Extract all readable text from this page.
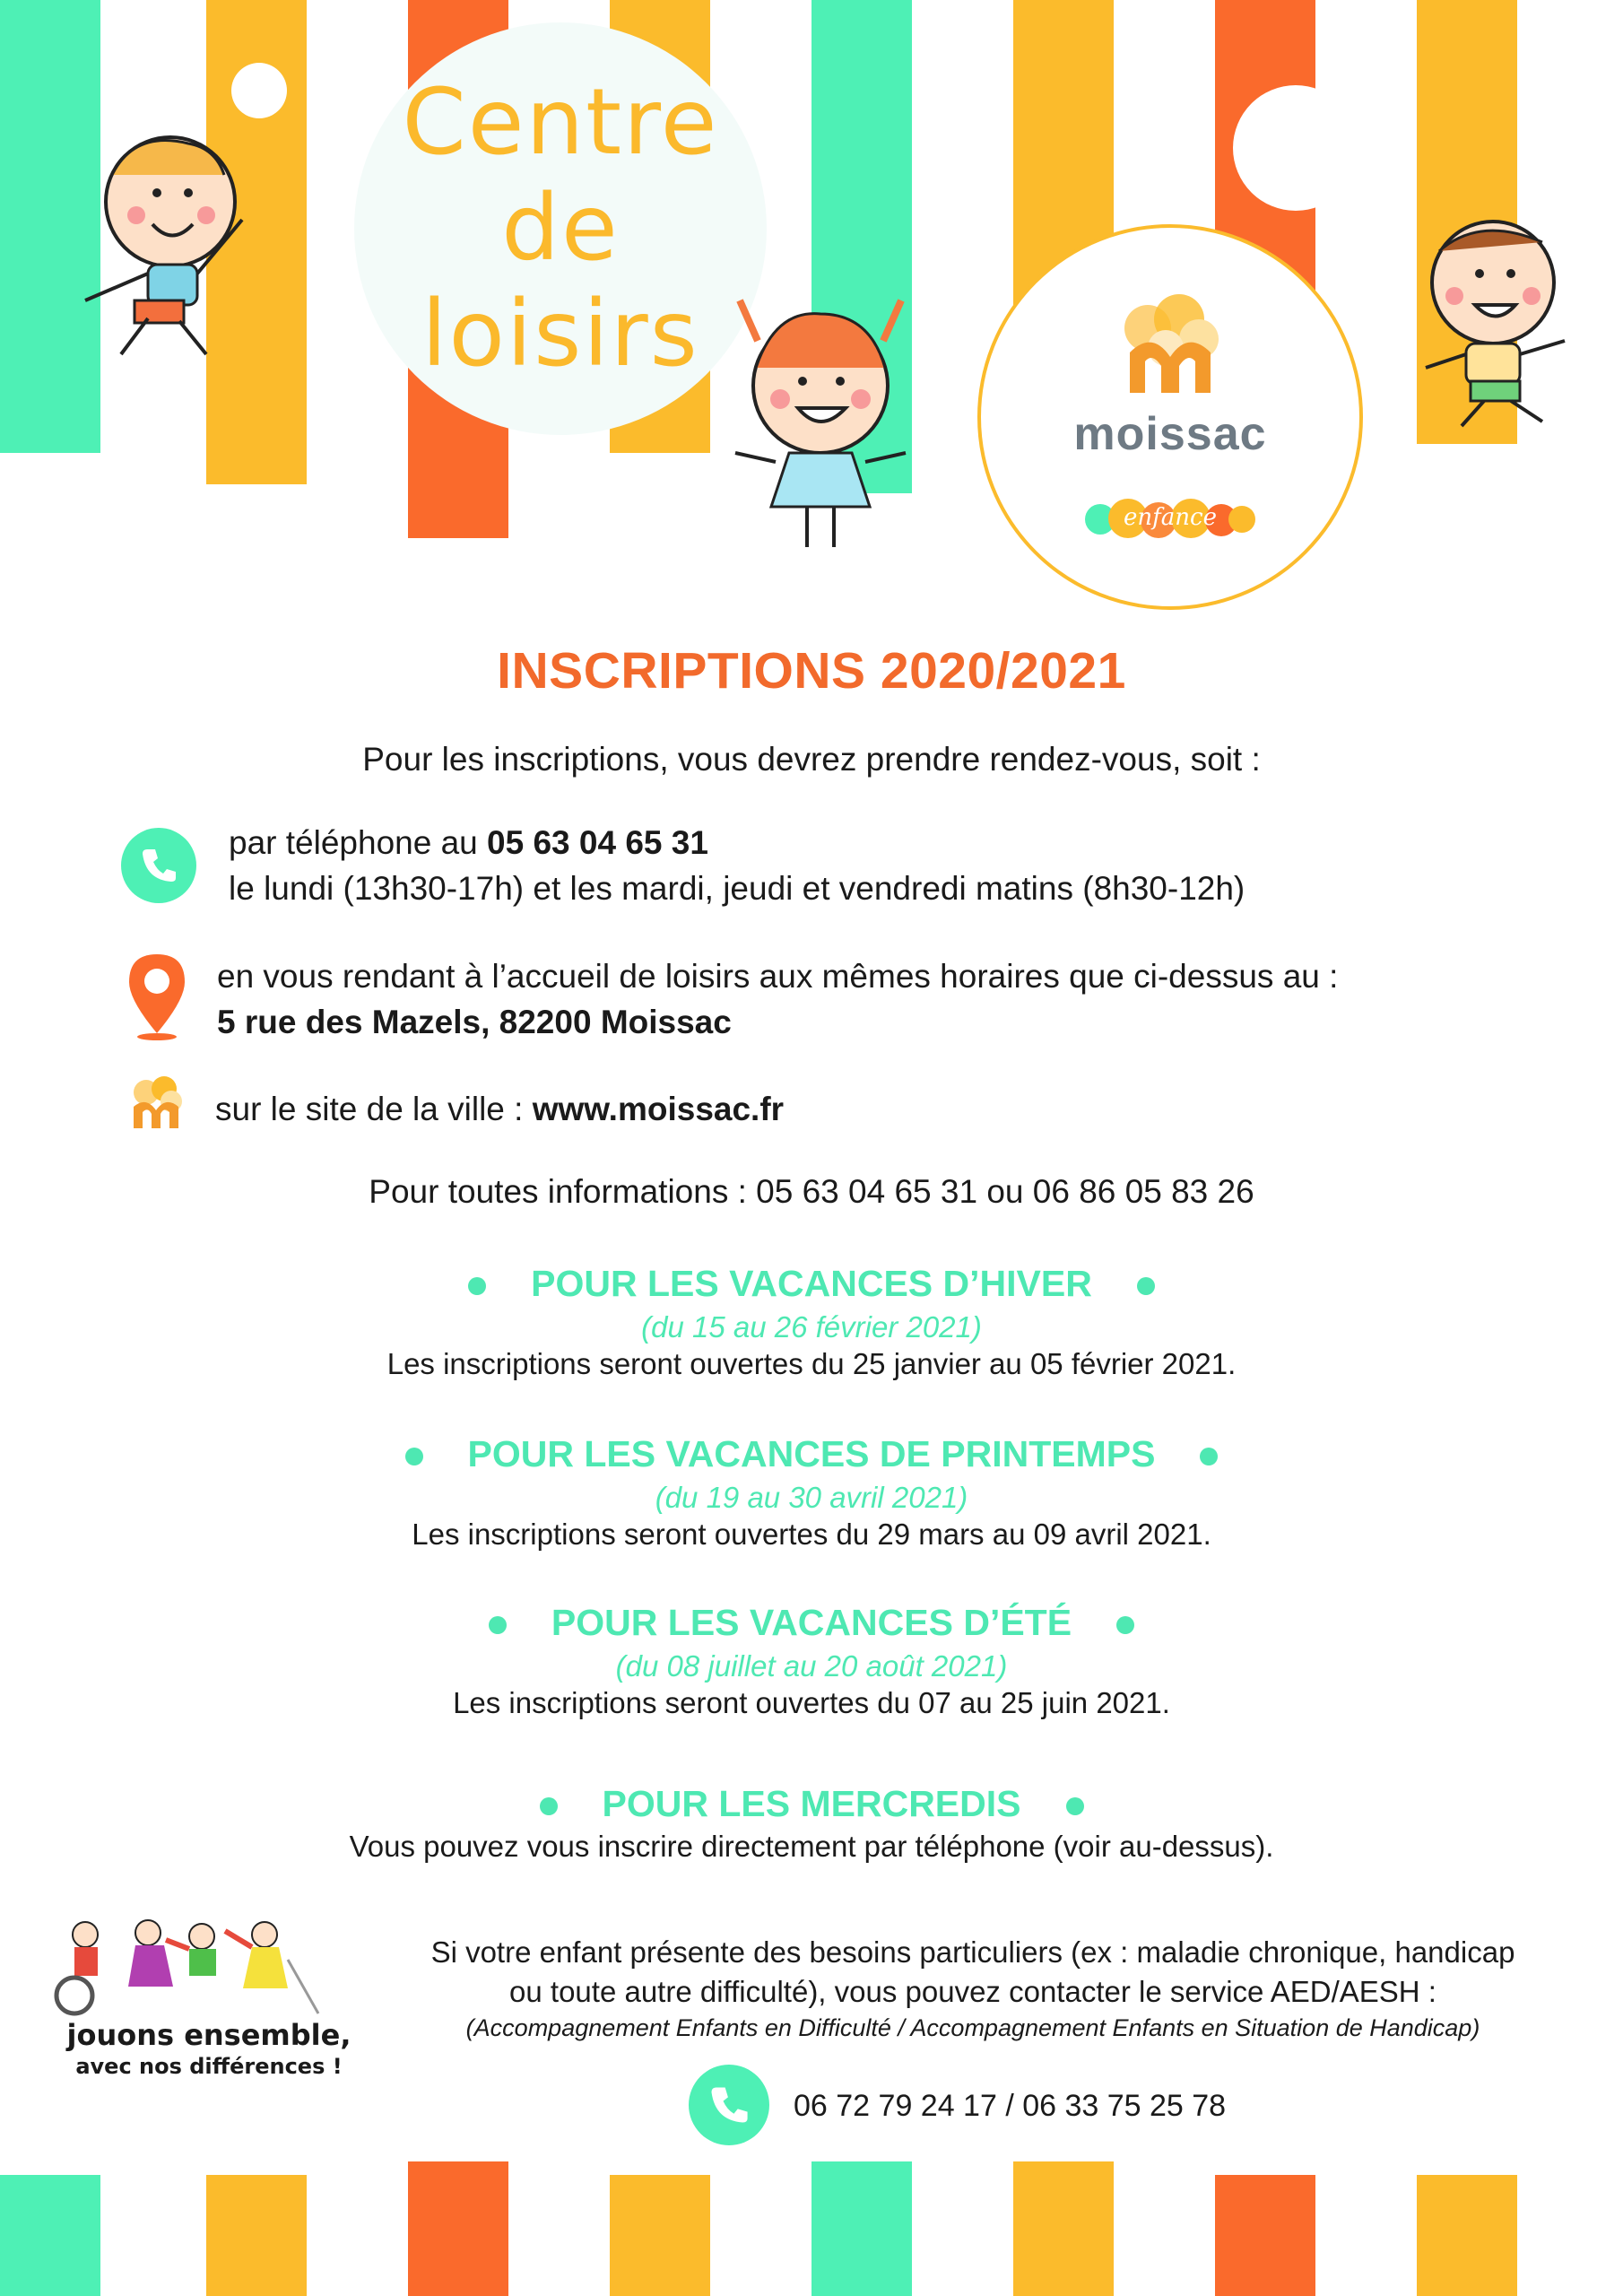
Centre
de
loisirs
moissac
enfance
INSCRIPTIONS 2020/2021
Pour les inscriptions, vous devrez prendre rendez-vous, soit :
par téléphone au 05 63 04 65 31
le lundi (13h30-17h) et les mardi, jeudi et vendredi matins (8h30-12h)
en vous rendant à l’accueil de loisirs aux mêmes horaires que ci-dessus au :
5 rue des Mazels, 82200 Moissac
sur le site de la ville : www.moissac.fr
Pour toutes informations : 05 63 04 65 31 ou 06 86 05 83 26
POUR LES VACANCES D’HIVER
(du 15 au 26 février 2021)
Les inscriptions seront ouvertes du 25 janvier au 05 février 2021.
POUR LES VACANCES DE PRINTEMPS
(du 19 au 30 avril 2021)
Les inscriptions seront ouvertes du 29 mars au 09 avril 2021.
POUR LES VACANCES D’ÉTÉ
(du 08 juillet au 20 août 2021)
Les inscriptions seront ouvertes du 07 au 25 juin 2021.
POUR LES MERCREDIS
Vous pouvez vous inscrire directement par téléphone (voir au-dessus).
jouons ensemble,
avec nos différences !
Si votre enfant présente des besoins particuliers (ex : maladie chronique, handicap
ou toute autre difficulté), vous pouvez contacter le service AED/AESH :
(Accompagnement Enfants en Difficulté / Accompagnement Enfants en Situation de Handicap)
06 72 79 24 17 / 06 33 75 25 78
